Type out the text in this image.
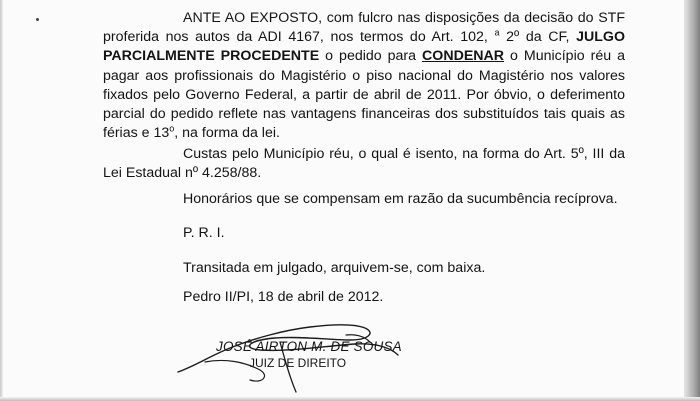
ANTE AO EXPOSTO, com fulcro nas disposições da decisão do STF proferida nos autos da ADI 4167, nos termos do Art. 102, $^a$ 2º da CF, JULGO PARCIALMENTE PROCEDENTE o pedido para CONDENAR o Município réu a pagar aos profissionais do Magistério o piso nacional do Magistério nos valores fixados pelo Governo Federal, a partir de abril de 2011. Por óbvio, o deferimento parcial do pedido reflete nas vantagens financeiras dos substituídos tais quais as férias e 13$^o$, na forma da lei.

Custas pelo Município réu, o qual é isento, na forma do Art. 5º, III da Lei Estadual nº 4.258/88.

Honorários que se compensam em razão da sucumbência recíprova.

P. R. I.

Transitada em julgado, arquivem-se, com baixa.

Pedro II/PI, 18 de abril de 2012.

JOSÉ AIRTON M. DE SOUSA
JUIZ DE DIREITO
